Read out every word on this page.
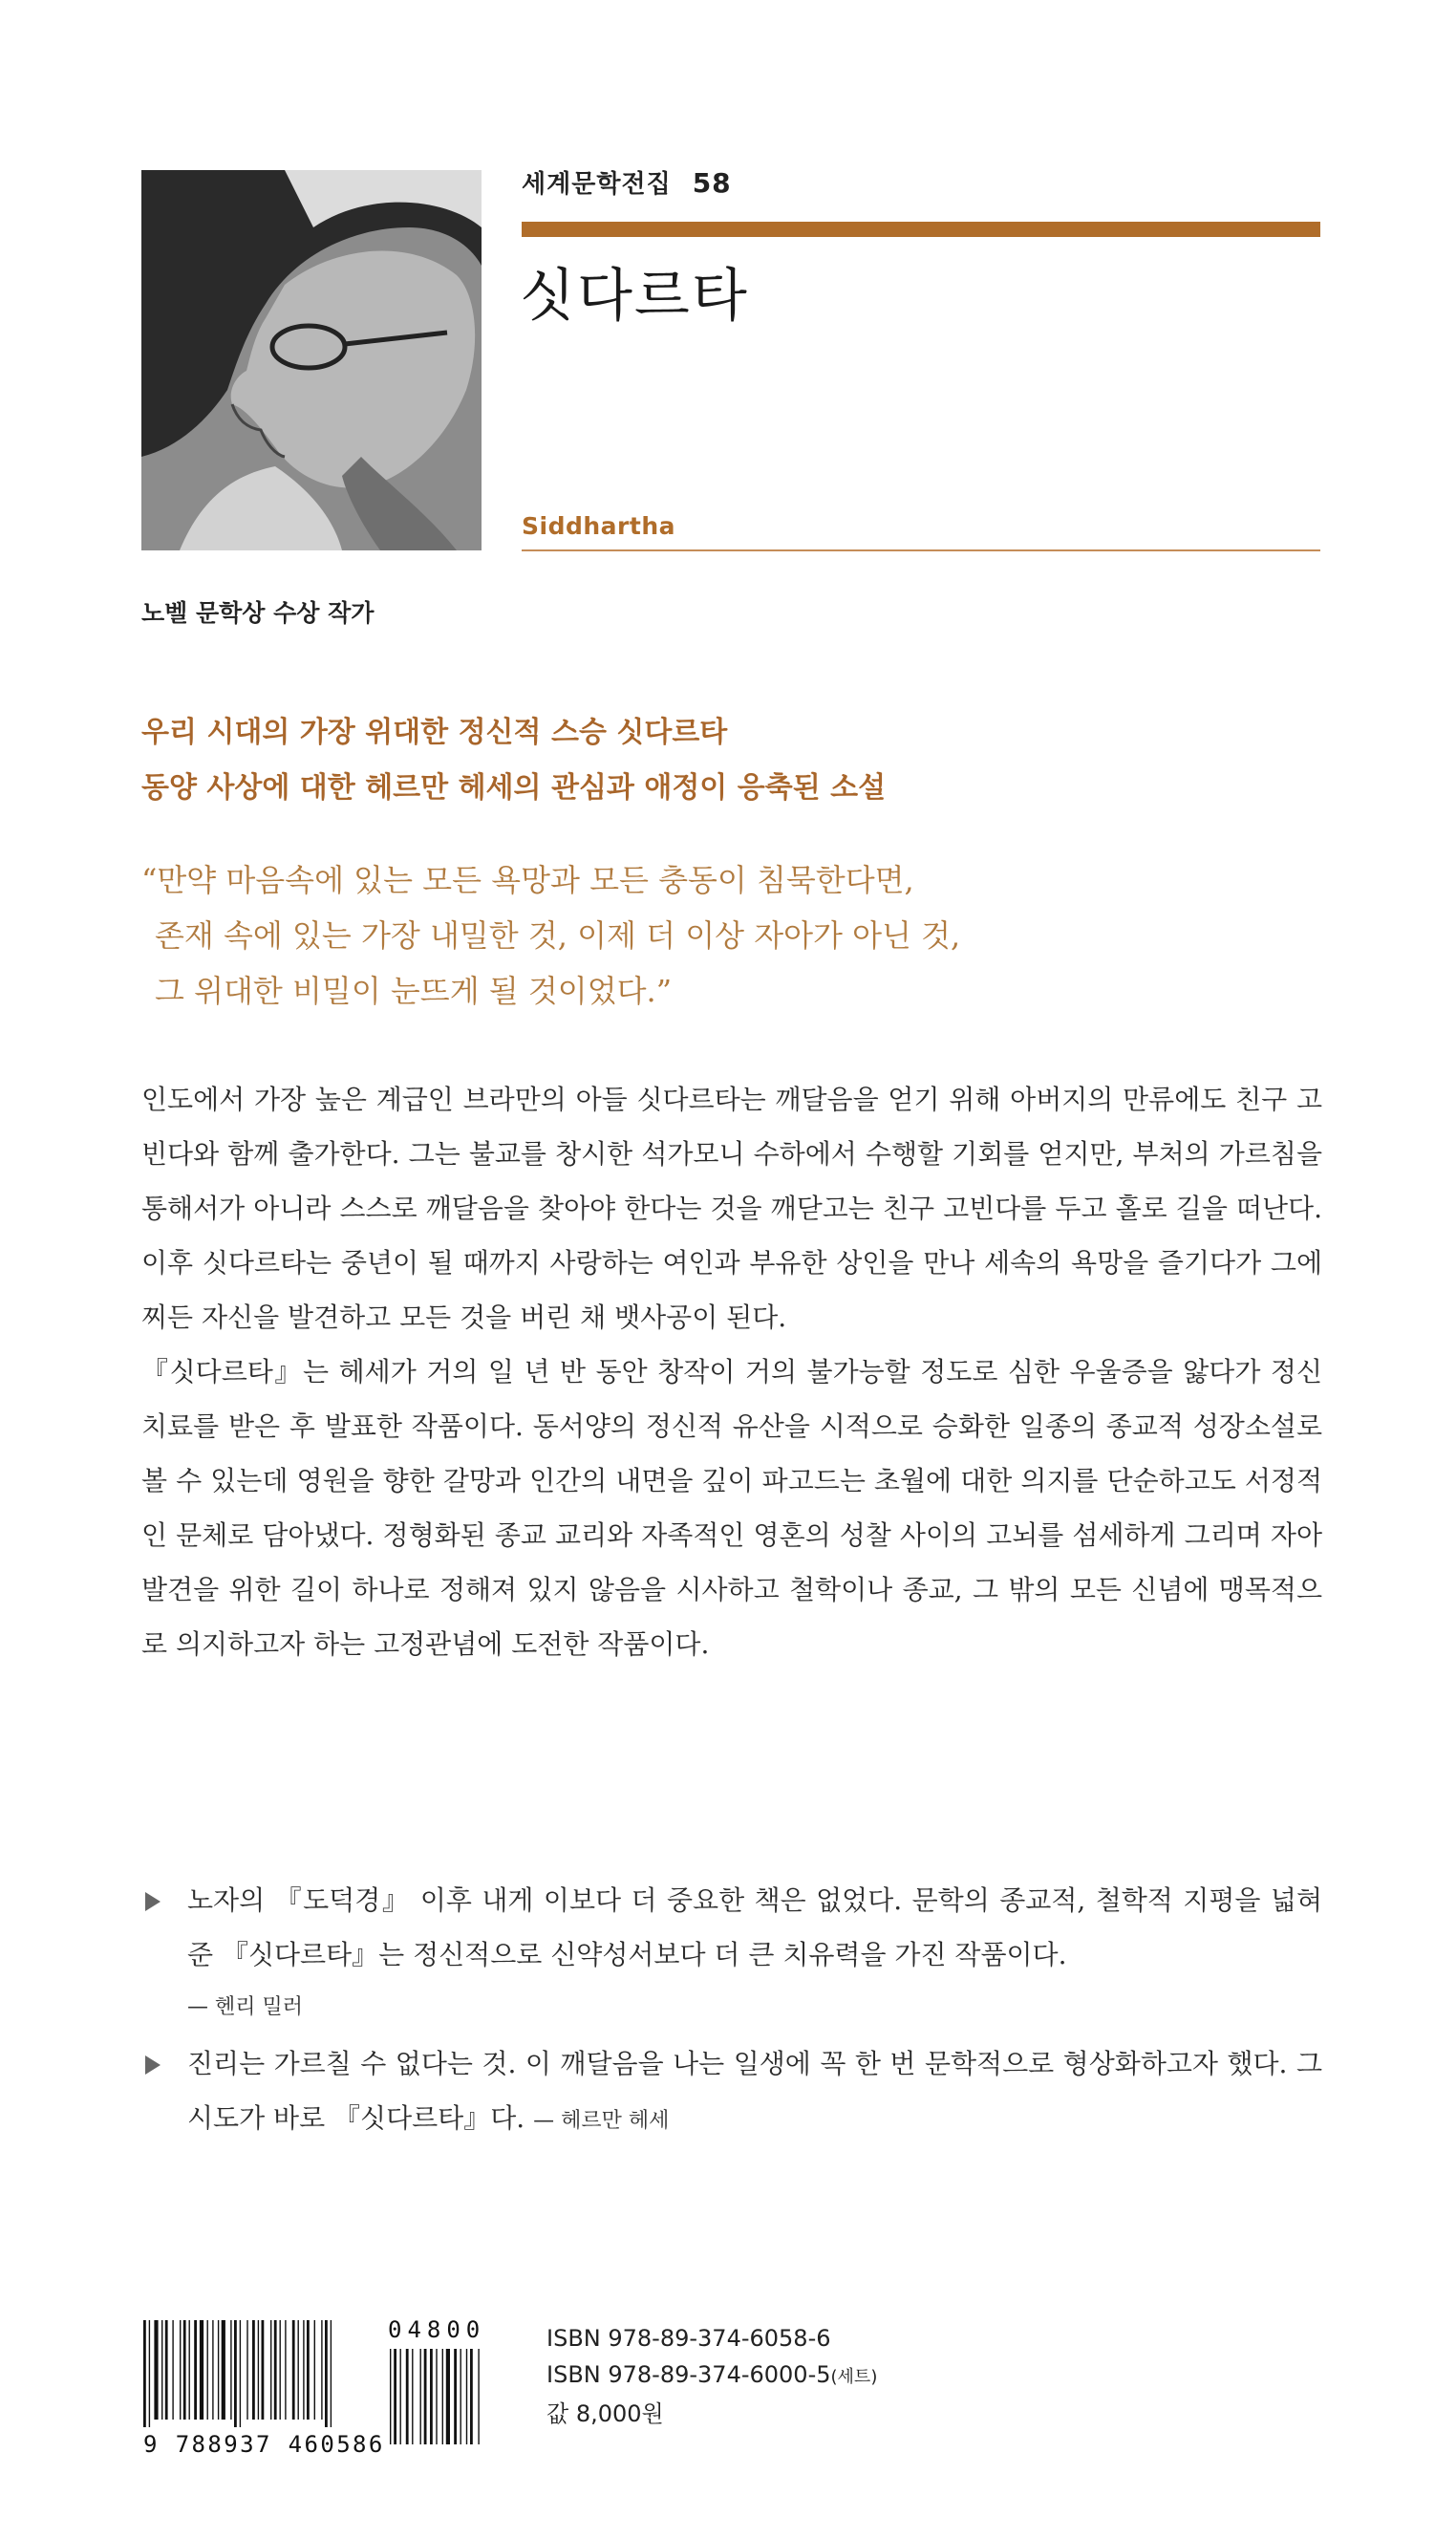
세계문학전집 58
싯다르타
Siddhartha
노벨 문학상 수상 작가
우리 시대의 가장 위대한 정신적 스승 싯다르타
동양 사상에 대한 헤르만 헤세의 관심과 애정이 응축된 소설
“만약 마음속에 있는 모든 욕망과 모든 충동이 침묵한다면,
존재 속에 있는 가장 내밀한 것, 이제 더 이상 자아가 아닌 것,
그 위대한 비밀이 눈뜨게 될 것이었다.”

인도에서 가장 높은 계급인 브라만의 아들 싯다르타는 깨달음을 얻기 위해 아버지의 만류에도 친구 고빈다와 함께 출가한다. 그는 불교를 창시한 석가모니 수하에서 수행할 기회를 얻지만, 부처의 가르침을 통해서가 아니라 스스로 깨달음을 찾아야 한다는 것을 깨닫고는 친구 고빈다를 두고 홀로 길을 떠난다. 이후 싯다르타는 중년이 될 때까지 사랑하는 여인과 부유한 상인을 만나 세속의 욕망을 즐기다가 그에 찌든 자신을 발견하고 모든 것을 버린 채 뱃사공이 된다.

『싯다르타』는 헤세가 거의 일 년 반 동안 창작이 거의 불가능할 정도로 심한 우울증을 앓다가 정신 치료를 받은 후 발표한 작품이다. 동서양의 정신적 유산을 시적으로 승화한 일종의 종교적 성장소설로 볼 수 있는데 영원을 향한 갈망과 인간의 내면을 깊이 파고드는 초월에 대한 의지를 단순하고도 서정적인 문체로 담아냈다. 정형화된 종교 교리와 자족적인 영혼의 성찰 사이의 고뇌를 섬세하게 그리며 자아 발견을 위한 길이 하나로 정해져 있지 않음을 시사하고 철학이나 종교, 그 밖의 모든 신념에 맹목적으로 의지하고자 하는 고정관념에 도전한 작품이다.

노자의 『도덕경』 이후 내게 이보다 더 중요한 책은 없었다. 문학의 종교적, 철학적 지평을 넓혀 준 『싯다르타』는 정신적으로 신약성서보다 더 큰 치유력을 가진 작품이다.
— 헨리 밀러
진리는 가르칠 수 없다는 것. 이 깨달음을 나는 일생에 꼭 한 번 문학적으로 형상화하고자 했다. 그 시도가 바로 『싯다르타』다. — 헤르만 헤세
9 788937 460586
04800	ISBN 978-89-374-6058-6
ISBN 978-89-374-6000-5(세트)
값 8,000원
